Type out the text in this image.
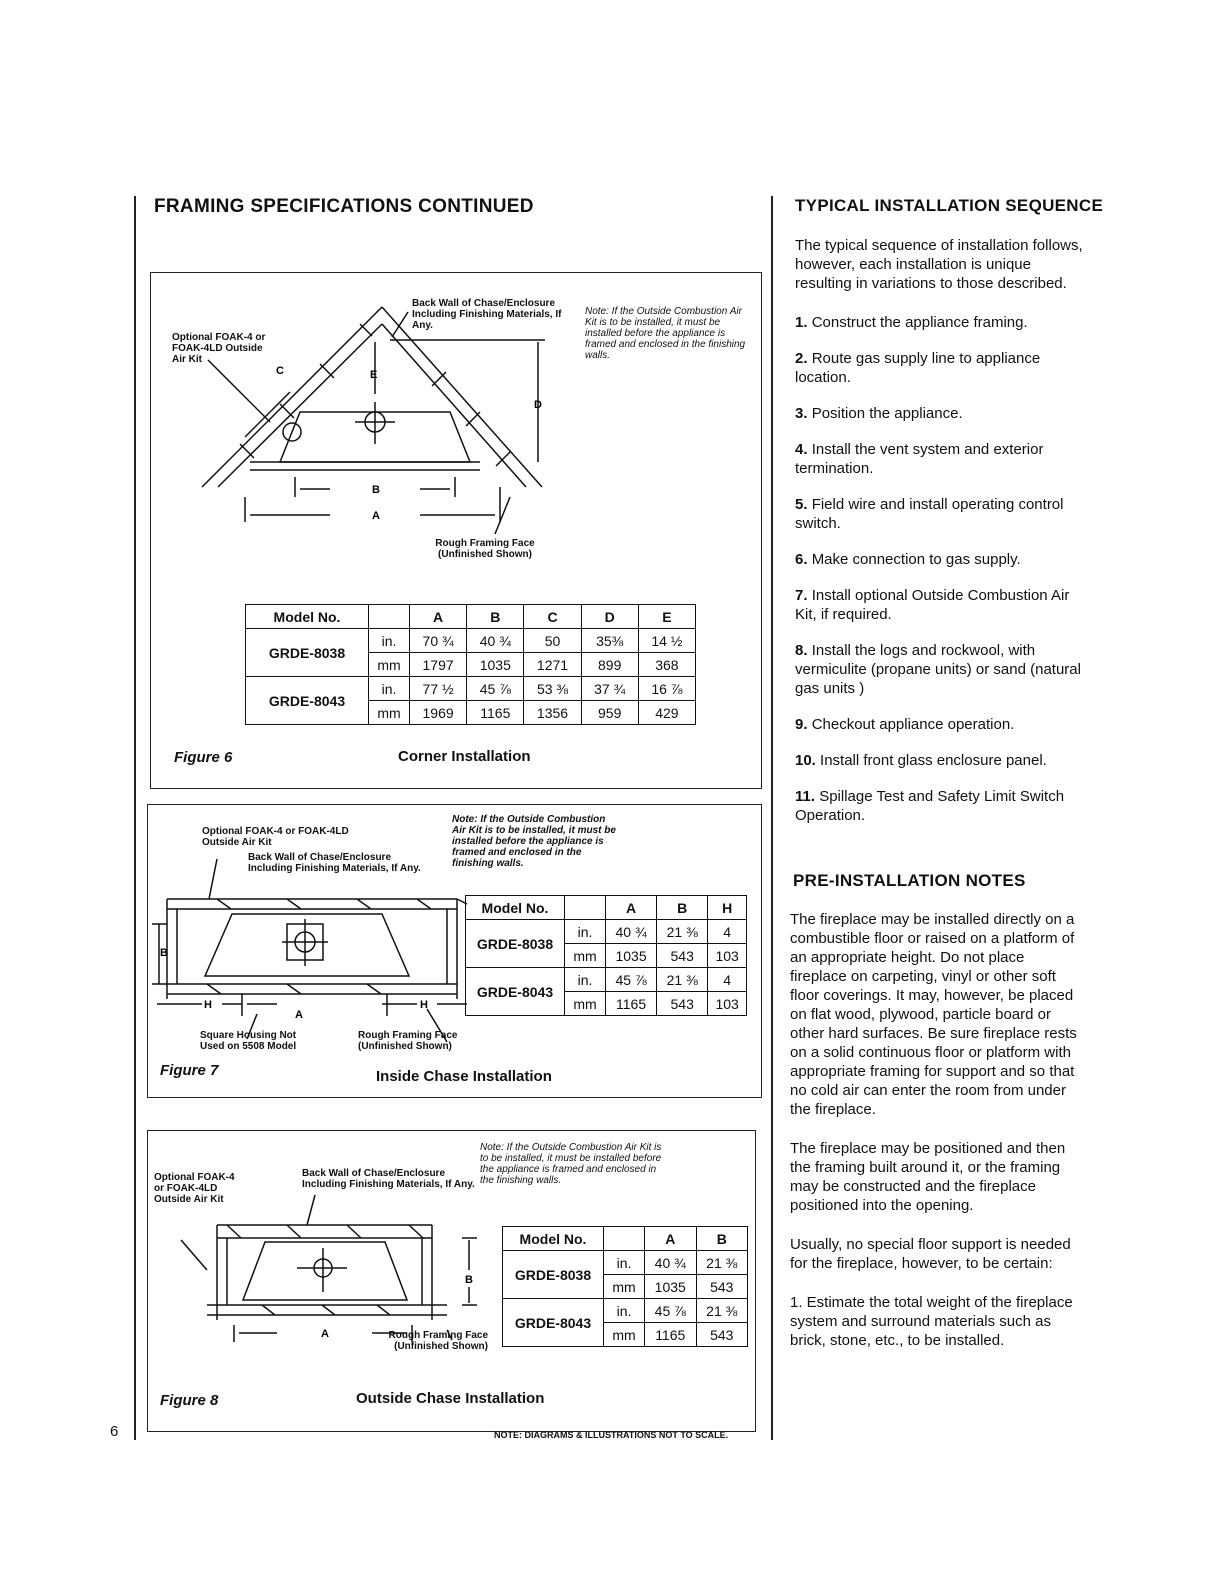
6
FRAMING SPECIFICATIONS CONTINUED
A
B
C
D
E
Optional FOAK-4 or FOAK-4LD Outside Air Kit
Back Wall of Chase/Enclosure Including Finishing Materials, If Any.
Note: If the Outside Combustion Air Kit is to be installed, it must be installed before the appliance is framed and enclosed in the finishing walls.
Rough Framing Face (Unfinished Shown)
Model No.		A	B	C	D	E
GRDE-8038	in.	70 ¾	40 ¾	50	35⅜	14 ½
	mm	1797	1035	1271	899	368
GRDE-8043	in.	77 ½	45 ⅞	53 ⅜	37 ¾	16 ⅞
	mm	1969	1165	1356	959	429
Figure 6	Corner Installation
B
H	H
A
Optional FOAK-4 or FOAK-4LD Outside Air Kit
Back Wall of Chase/Enclosure Including Finishing Materials, If Any.
Note: If the Outside Combustion Air Kit is to be installed, it must be installed before the appliance is framed and enclosed in the finishing walls.
Square Housing Not Used on 5508 Model
Rough Framing Face (Unfinished Shown)
Model No.		A	B	H
GRDE-8038	in.	40 ¾	21 ⅜	4
	mm	1035	543	103
GRDE-8043	in.	45 ⅞	21 ⅜	4
	mm	1165	543	103
Figure 7	Inside Chase Installation
B
A
Optional FOAK-4 or FOAK-4LD Outside Air Kit
Back Wall of Chase/Enclosure Including Finishing Materials, If Any.
Note: If the Outside Combustion Air Kit is to be installed, it must be installed before the appliance is framed and enclosed in the finishing walls.
Rough Framing Face (Unfinished Shown)
Model No.		A	B
GRDE-8038	in.	40 ¾	21 ⅜
	mm	1035	543
GRDE-8043	in.	45 ⅞	21 ⅜
	mm	1165	543
Figure 8	Outside Chase Installation
NOTE: DIAGRAMS & ILLUSTRATIONS NOT TO SCALE.
TYPICAL INSTALLATION SEQUENCE

The typical sequence of installation follows, however, each installation is unique resulting in variations to those described.

1. Construct the appliance framing.

2. Route gas supply line to appliance location.

3. Position the appliance.

4. Install the vent system and exterior termination.

5. Field wire and install operating control switch.

6. Make connection to gas supply.

7. Install optional Outside Combustion Air Kit, if required.

8. Install the logs and rockwool, with vermiculite (propane units) or sand (natural gas units )

9. Checkout appliance operation.

10. Install front glass enclosure panel.

11. Spillage Test and Safety Limit Switch Operation.

PRE-INSTALLATION NOTES

The fireplace may be installed directly on a combustible floor or raised on a platform of an appropriate height. Do not place fireplace on carpeting, vinyl or other soft floor coverings. It may, however, be placed on flat wood, plywood, particle board or other hard surfaces. Be sure fireplace rests on a solid continuous floor or platform with appropriate framing for support and so that no cold air can enter the room from under the fireplace.

The fireplace may be positioned and then the framing built around it, or the framing may be constructed and the fireplace positioned into the opening.

Usually, no special floor support is needed for the fireplace, however, to be certain:

1. Estimate the total weight of the fireplace system and surround materials such as brick, stone, etc., to be installed.
